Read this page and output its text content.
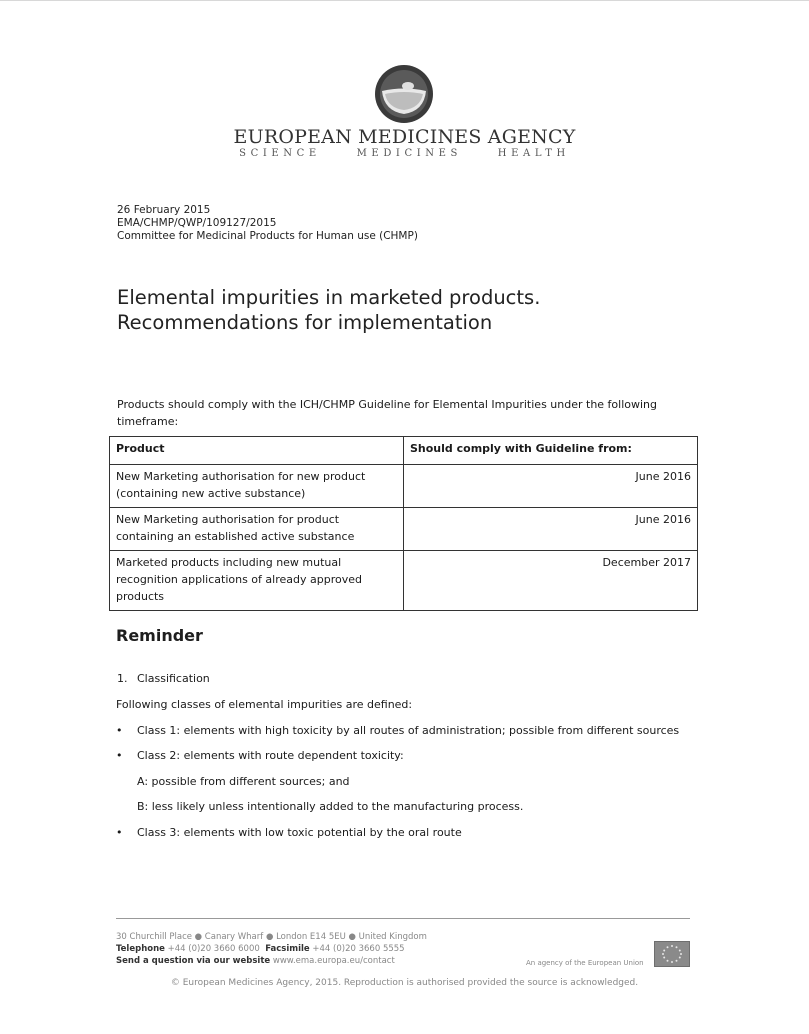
EUROPEAN MEDICINES AGENCY
SCIENCE	MEDICINES	HEALTH
26 February 2015
EMA/CHMP/QWP/109127/2015
Committee for Medicinal Products for Human use (CHMP)
Elemental impurities in marketed products.
Recommendations for implementation
Products should comply with the ICH/CHMP Guideline for Elemental Impurities under the following timeframe:
Product	Should comply with Guideline from:
New Marketing authorisation for new product (containing new active substance)	June 2016
New Marketing authorisation for product containing an established active substance	June 2016
Marketed products including new mutual recognition applications of already approved products	December 2017
Reminder
1. Classification
Following classes of elemental impurities are defined:
• Class 1: elements with high toxicity by all routes of administration; possible from different sources
• Class 2: elements with route dependent toxicity:
A: possible from different sources; and
B: less likely unless intentionally added to the manufacturing process.
• Class 3: elements with low toxic potential by the oral route
30 Churchill Place ● Canary Wharf ● London E14 5EU ● United Kingdom
Telephone +44 (0)20 3660 6000 Facsimile +44 (0)20 3660 5555
Send a question via our website www.ema.europa.eu/contact	An agency of the European Union
© European Medicines Agency, 2015. Reproduction is authorised provided the source is acknowledged.
